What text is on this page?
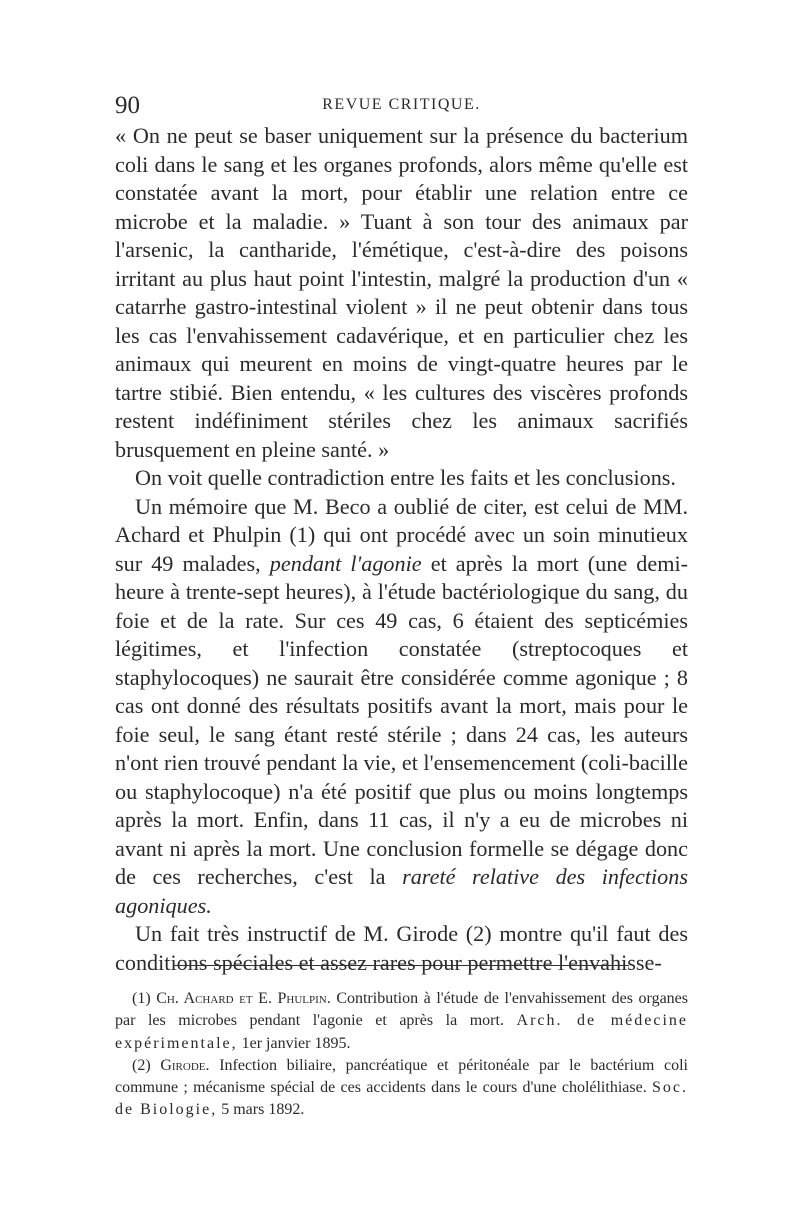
90	REVUE CRITIQUE.

« On ne peut se baser uniquement sur la présence du bacterium coli dans le sang et les organes profonds, alors même qu'elle est constatée avant la mort, pour établir une relation entre ce microbe et la maladie. » Tuant à son tour des animaux par l'arsenic, la cantharide, l'émétique, c'est-à-dire des poisons irritant au plus haut point l'intestin, malgré la production d'un « catarrhe gastro-intestinal violent » il ne peut obtenir dans tous les cas l'envahissement cadavérique, et en particulier chez les animaux qui meurent en moins de vingt-quatre heures par le tartre stibié. Bien entendu, « les cultures des viscères profonds restent indéfiniment stériles chez les animaux sacrifiés brusquement en pleine santé. »

On voit quelle contradiction entre les faits et les conclusions.

Un mémoire que M. Beco a oublié de citer, est celui de MM. Achard et Phulpin (1) qui ont procédé avec un soin minutieux sur 49 malades, pendant l'agonie et après la mort (une demi-heure à trente-sept heures), à l'étude bactériologique du sang, du foie et de la rate. Sur ces 49 cas, 6 étaient des septicémies légitimes, et l'infection constatée (streptocoques et staphylocoques) ne saurait être considérée comme agonique ; 8 cas ont donné des résultats positifs avant la mort, mais pour le foie seul, le sang étant resté stérile ; dans 24 cas, les auteurs n'ont rien trouvé pendant la vie, et l'ensemencement (coli-bacille ou staphylocoque) n'a été positif que plus ou moins longtemps après la mort. Enfin, dans 11 cas, il n'y a eu de microbes ni avant ni après la mort. Une conclusion formelle se dégage donc de ces recherches, c'est la rareté relative des infections agoniques.

Un fait très instructif de M. Girode (2) montre qu'il faut des conditions spéciales et assez rares pour permettre l'envahisse-

(1) Ch. Achard et E. Phulpin. Contribution à l'étude de l'envahissement des organes par les microbes pendant l'agonie et après la mort. Arch. de médecine expérimentale, 1er janvier 1895.

(2) Girode. Infection biliaire, pancréatique et péritonéale par le bactérium coli commune ; mécanisme spécial de ces accidents dans le cours d'une cholélithiase. Soc. de Biologie, 5 mars 1892.
